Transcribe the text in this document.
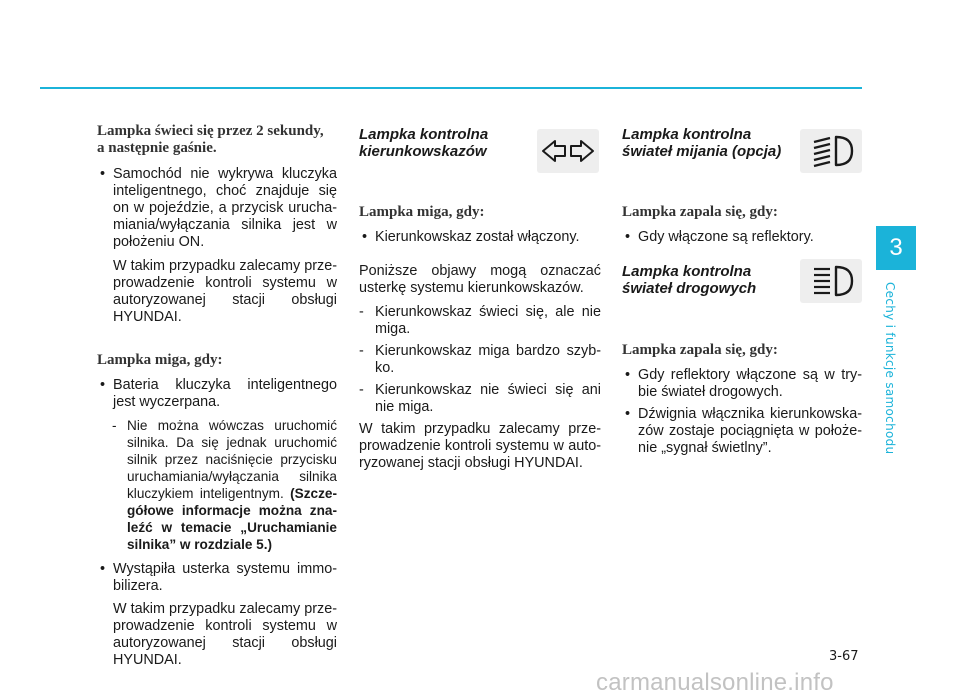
Lampka świeci się przez 2 sekundy,
a następnie gaśnie.

• Samochód nie wykrywa kluczyka inteligentnego, choć znajduje się on w pojeździe, a przycisk urucha-miania/wyłączania silnika jest w położeniu ON.

W takim przypadku zalecamy prze-prowadzenie kontroli systemu w autoryzowanej stacji obsługi HYUNDAI.

Lampka miga, gdy:

• Bateria kluczyka inteligentnego jest wyczerpana.

- Nie można wówczas uruchomić silnika. Da się jednak uruchomić silnik przez naciśnięcie przycisku uruchamiania/wyłączania silnika kluczykiem inteligentnym. (Szcze-gółowe informacje można zna-leźć w temacie „Uruchamianie silnika” w rozdziale 5.)

• Wystąpiła usterka systemu immo-bilizera.

W takim przypadku zalecamy prze-prowadzenie kontroli systemu w autoryzowanej stacji obsługi HYUNDAI.

Lampka kontrolna
kierunkowskazów

Lampka miga, gdy:

• Kierunkowskaz został włączony.

Poniższe objawy mogą oznaczać usterkę systemu kierunkowskazów.

- Kierunkowskaz świeci się, ale nie miga.

- Kierunkowskaz miga bardzo szyb-ko.

- Kierunkowskaz nie świeci się ani nie miga.

W takim przypadku zalecamy prze-prowadzenie kontroli systemu w auto-ryzowanej stacji obsługi HYUNDAI.

Lampka kontrolna
świateł mijania (opcja)

Lampka zapala się, gdy:

• Gdy włączone są reflektory.

Lampka kontrolna
świateł drogowych

Lampka zapala się, gdy:

• Gdy reflektory włączone są w try-bie świateł drogowych.

• Dźwignia włącznika kierunkowska-zów zostaje pociągnięta w położe-nie „sygnał świetlny”.

3
Cechy i funkcje samochodu
3-67
carmanualsonline.info
